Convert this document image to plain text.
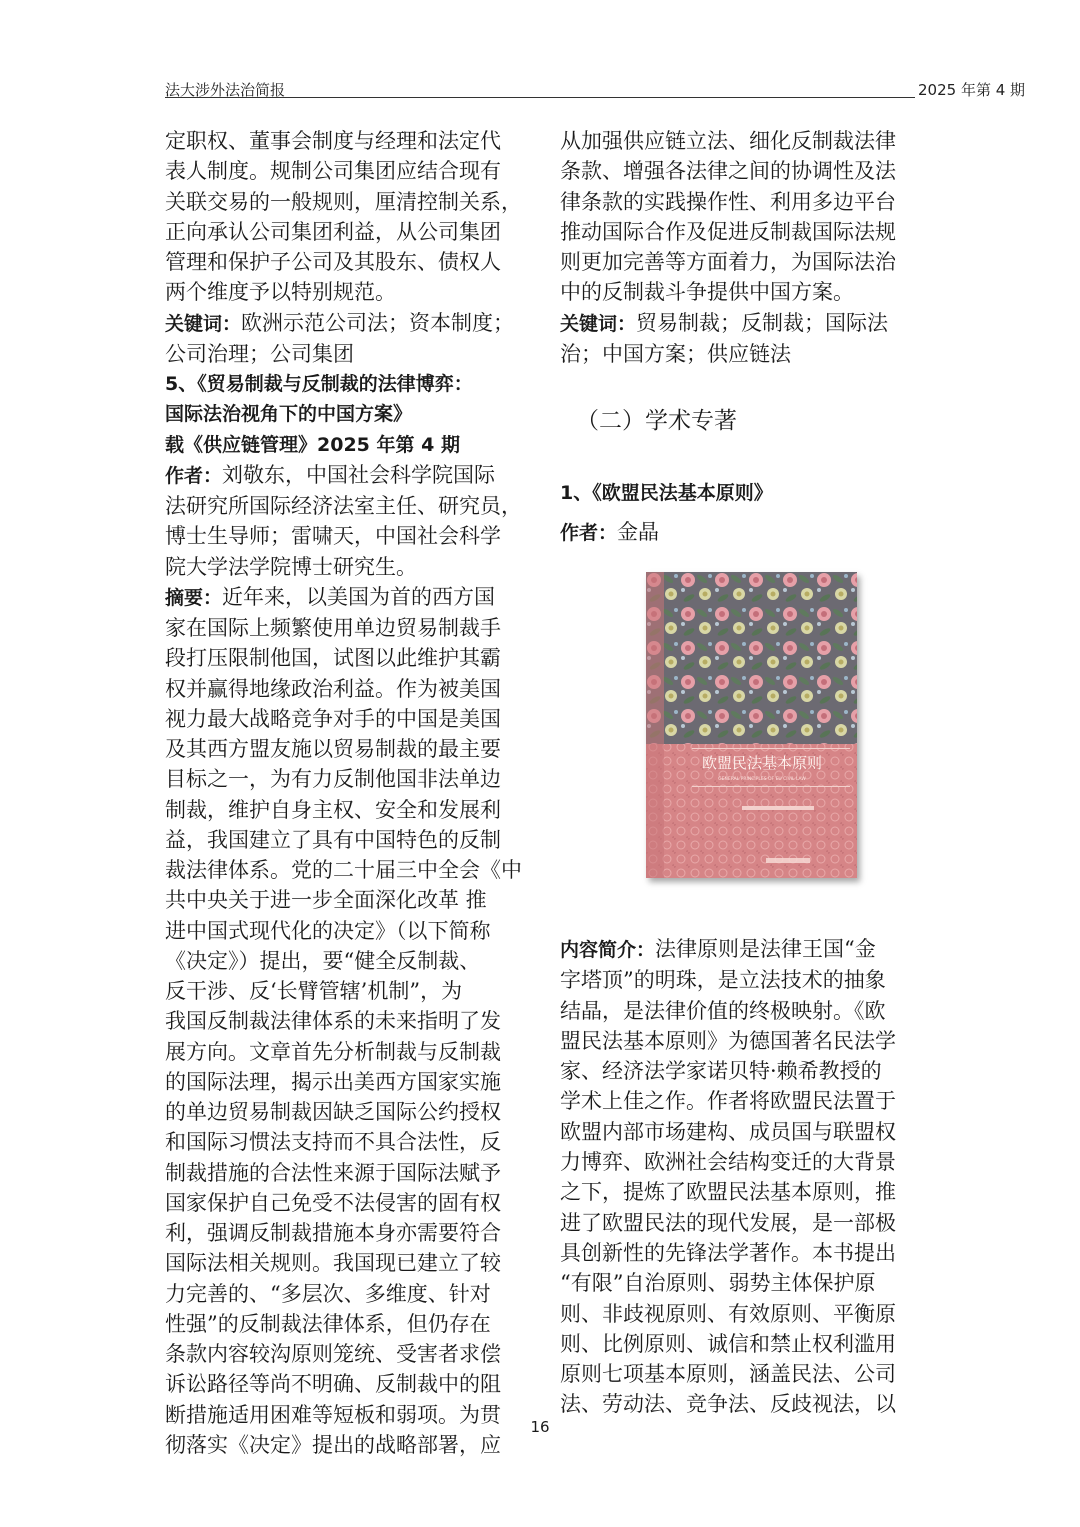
法大涉外法治简报	2025 年第 4 期
定职权、董事会制度与经理和法定代
表人制度。规制公司集团应结合现有
关联交易的一般规则，厘清控制关系，
正向承认公司集团利益，从公司集团
管理和保护子公司及其股东、债权人
两个维度予以特别规范。
关键词：欧洲示范公司法；资本制度；
公司治理；公司集团
5、《贸易制裁与反制裁的法律博弈：
国际法治视角下的中国方案》
载《供应链管理》2025 年第 4 期
作者：刘敬东，中国社会科学院国际
法研究所国际经济法室主任、研究员，
博士生导师；雷啸天，中国社会科学
院大学法学院博士研究生。
摘要：近年来，以美国为首的西方国
家在国际上频繁使用单边贸易制裁手
段打压限制他国，试图以此维护其霸
权并赢得地缘政治利益。作为被美国
视力最大战略竞争对手的中国是美国
及其西方盟友施以贸易制裁的最主要
目标之一，为有力反制他国非法单边
制裁，维护自身主权、安全和发展利
益，我国建立了具有中国特色的反制
裁法律体系。党的二十届三中全会《中
共中央关于进一步全面深化改革 推
进中国式现代化的决定》（以下简称
《决定》）提出，要“健全反制裁、
反干涉、反‘长臂管辖’机制”，为
我国反制裁法律体系的未来指明了发
展方向。文章首先分析制裁与反制裁
的国际法理，揭示出美西方国家实施
的单边贸易制裁因缺乏国际公约授权
和国际习惯法支持而不具合法性，反
制裁措施的合法性来源于国际法赋予
国家保护自己免受不法侵害的固有权
利，强调反制裁措施本身亦需要符合
国际法相关规则。我国现已建立了较
力完善的、“多层次、多维度、针对
性强”的反制裁法律体系，但仍存在
条款内容较沟原则笼统、受害者求偿
诉讼路径等尚不明确、反制裁中的阻
断措施适用困难等短板和弱项。为贯
彻落实《决定》提出的战略部署，应
从加强供应链立法、细化反制裁法律
条款、增强各法律之间的协调性及法
律条款的实践操作性、利用多边平台
推动国际合作及促进反制裁国际法规
则更加完善等方面着力，为国际法治
中的反制裁斗争提供中国方案。
关键词：贸易制裁；反制裁；国际法
治；中国方案；供应链法
（二）学术专著
1、《欧盟民法基本原则》
作者：金晶
欧盟民法基本原则
GENERAL PRINCIPLES OF EU CIVIL LAW
内容简介：法律原则是法律王国“金
字塔顶”的明珠，是立法技术的抽象
结晶，是法律价值的终极映射。《欧
盟民法基本原则》为德国著名民法学
家、经济法学家诺贝特·赖希教授的
学术上佳之作。作者将欧盟民法置于
欧盟内部市场建构、成员国与联盟权
力博弈、欧洲社会结构变迁的大背景
之下，提炼了欧盟民法基本原则，推
进了欧盟民法的现代发展，是一部极
具创新性的先锋法学著作。本书提出
“有限”自治原则、弱势主体保护原
则、非歧视原则、有效原则、平衡原
则、比例原则、诚信和禁止权利滥用
原则七项基本原则，涵盖民法、公司
法、劳动法、竞争法、反歧视法，以
16
